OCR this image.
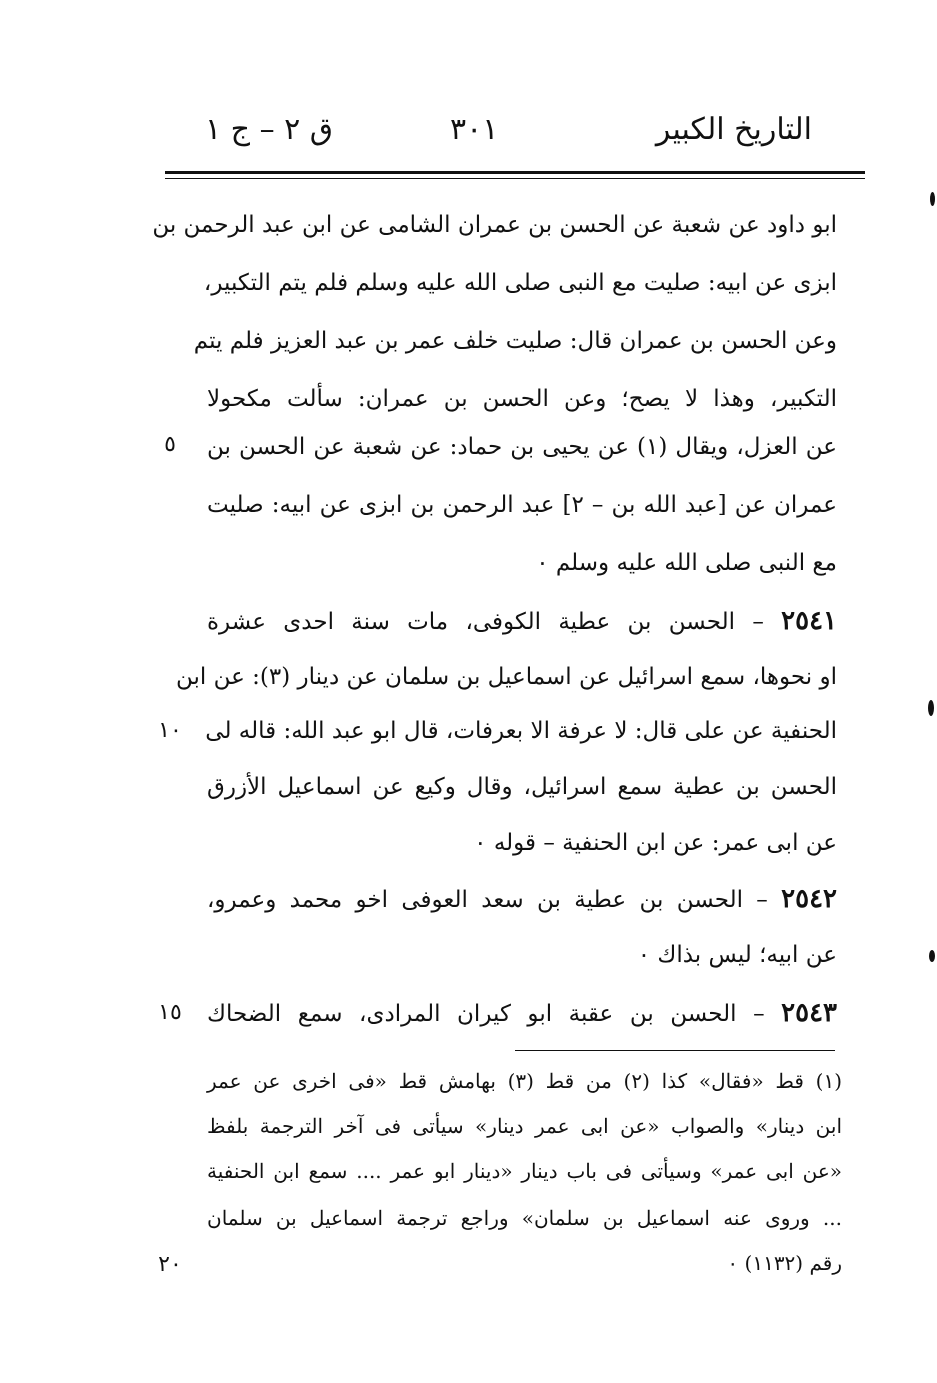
التاريخ الكبير
٣٠١
ق ٢ – ج ١
ابو داود عن شعبة عن الحسن بن عمران الشامى عن ابن عبد الرحمن بن
ابزى عن ابيه: صليت مع النبى صلى الله عليه وسلم فلم يتم التكبير،
وعن الحسن بن عمران قال: صليت خلف عمر بن عبد العزيز فلم يتم
التكبير، وهذا لا يصح؛ وعن الحسن بن عمران: سألت مكحولا
عن العزل، ويقال (١) عن يحيى بن حماد: عن شعبة عن الحسن بن
عمران عن [عبد الله بن – ٢] عبد الرحمن بن ابزى عن ابيه: صليت
مع النبى صلى الله عليه وسلم ٠
٢٥٤١ – الحسن بن عطية الكوفى، مات سنة احدى عشرة
او نحوها، سمع اسرائيل عن اسماعيل بن سلمان عن دينار (٣): عن ابن
الحنفية عن على قال: لا عرفة الا بعرفات، قال ابو عبد الله: قاله لى
الحسن بن عطية سمع اسرائيل، وقال وكيع عن اسماعيل الأزرق
عن ابى عمر: عن ابن الحنفية – قوله ٠
٢٥٤٢ – الحسن بن عطية بن سعد العوفى اخو محمد وعمرو،
عن ابيه؛ ليس بذاك ٠
٢٥٤٣ – الحسن بن عقبة ابو كيران المرادى، سمع الضحاك
٥
١٠
١٥
٢٠
(١) قط «فقال» كذا (٢) من قط (٣) بهامش قط «فى اخرى عن عمر
ابن دينار» والصواب «عن ابى عمر دينار» سيأتى فى آخر الترجمة بلفظ
«عن ابى عمر» وسيأتى فى باب دينار «دينار ابو عمر .... سمع ابن الحنفية
... وروى عنه اسماعيل بن سلمان» وراجع ترجمة اسماعيل بن سلمان
رقم (١١٣٢) ٠
